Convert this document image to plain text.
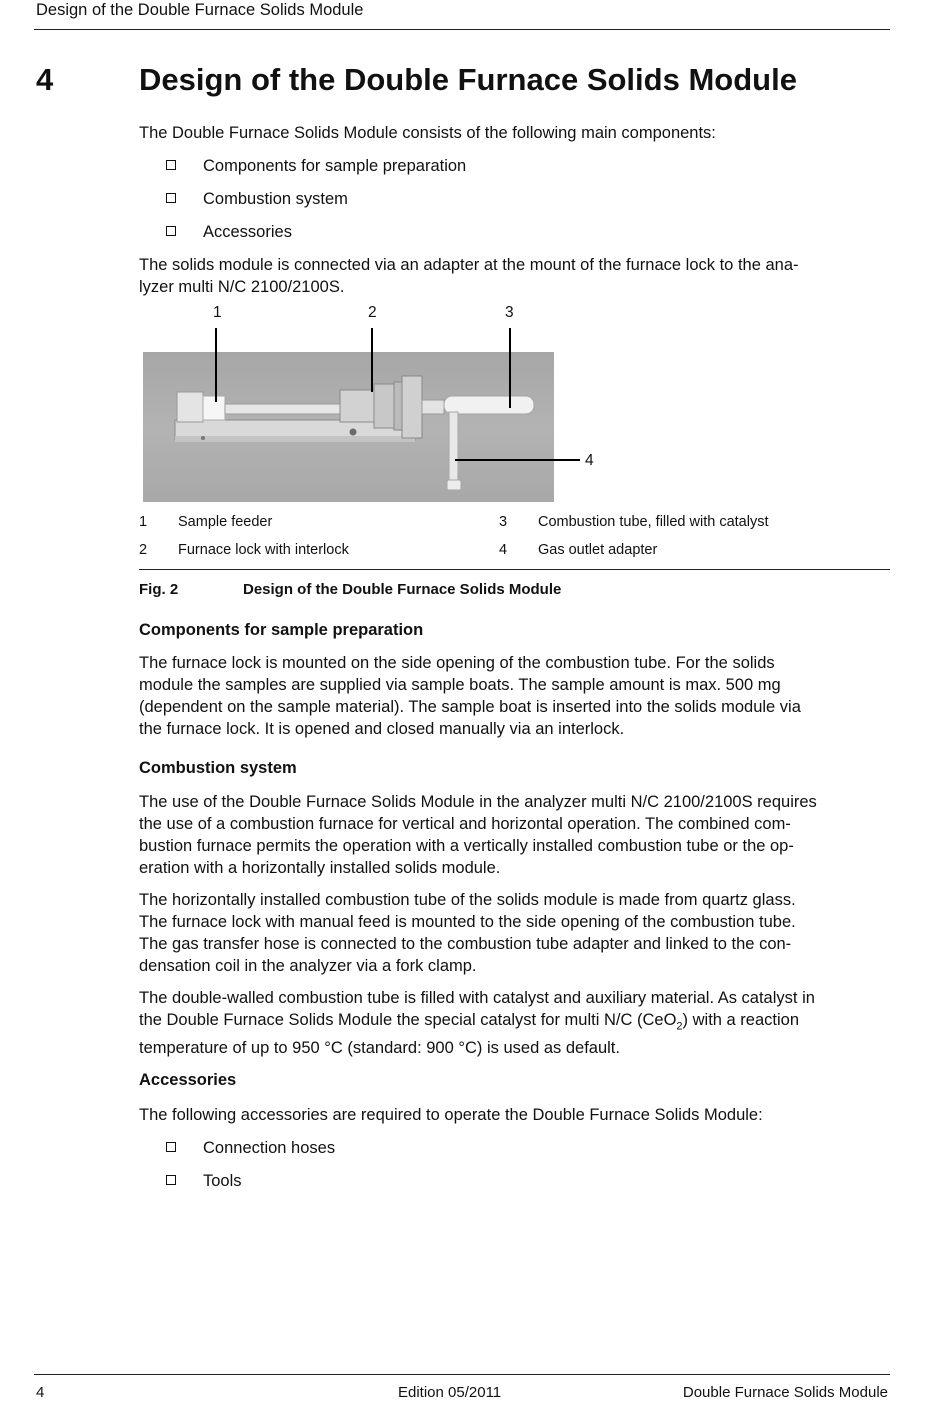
Design of the Double Furnace Solids Module
4	Design of the Double Furnace Solids Module
The Double Furnace Solids Module consists of the following main components:
Components for sample preparation
Combustion system
Accessories
The solids module is connected via an adapter at the mount of the furnace lock to the ana-
lyzer multi N/C 2100/2100S.
1	2	3
4
1 Sample feeder
2 Furnace lock with interlock
3 Combustion tube, filled with catalyst
4 Gas outlet adapter
Fig. 2	Design of the Double Furnace Solids Module
Components for sample preparation
The furnace lock is mounted on the side opening of the combustion tube. For the solids
module the samples are supplied via sample boats. The sample amount is max. 500 mg
(dependent on the sample material). The sample boat is inserted into the solids module via
the furnace lock. It is opened and closed manually via an interlock.
Combustion system
The use of the Double Furnace Solids Module in the analyzer multi N/C 2100/2100S requires
the use of a combustion furnace for vertical and horizontal operation. The combined com-
bustion furnace permits the operation with a vertically installed combustion tube or the op-
eration with a horizontally installed solids module.
The horizontally installed combustion tube of the solids module is made from quartz glass.
The furnace lock with manual feed is mounted to the side opening of the combustion tube.
The gas transfer hose is connected to the combustion tube adapter and linked to the con-
densation coil in the analyzer via a fork clamp.
The double-walled combustion tube is filled with catalyst and auxiliary material. As catalyst in
the Double Furnace Solids Module the special catalyst for multi N/C (CeO$_2$) with a reaction
temperature of up to 950 °C (standard: 900 °C) is used as default.
Accessories
The following accessories are required to operate the Double Furnace Solids Module:
Connection hoses
Tools
4	Edition 05/2011	Double Furnace Solids Module
